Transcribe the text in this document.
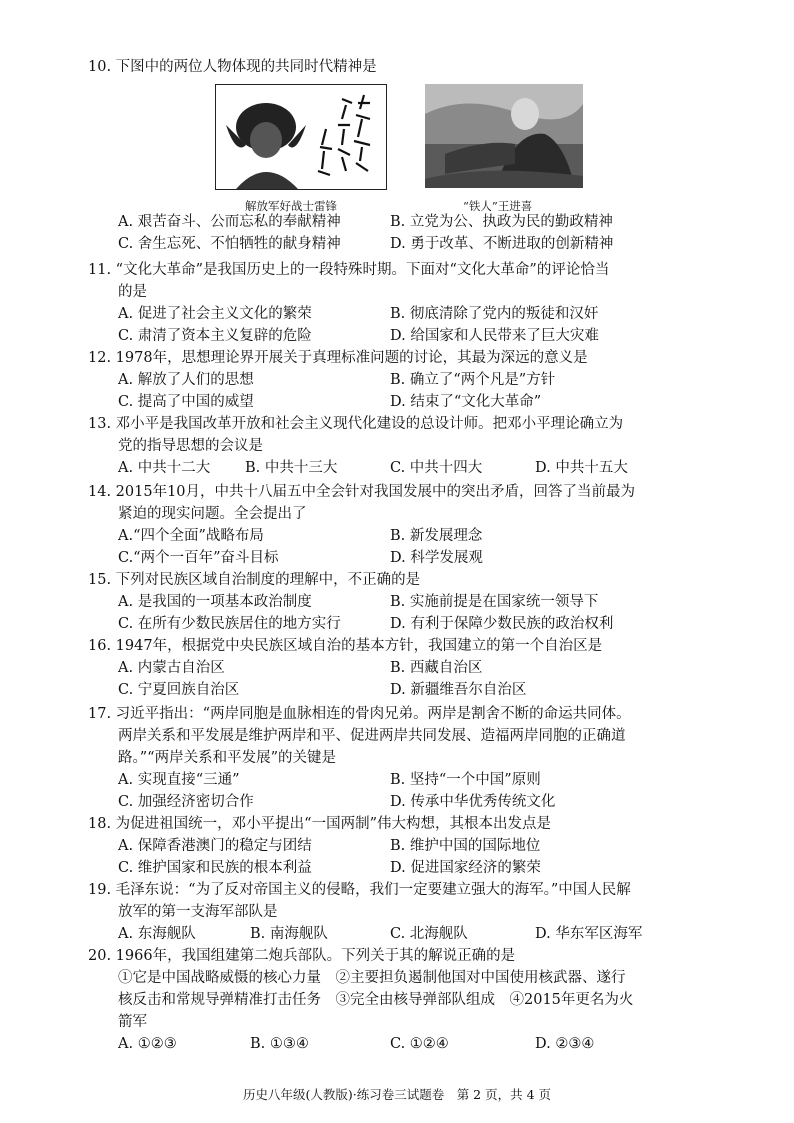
10. 下图中的两位人物体现的共同时代精神是
解放军好战士雷锋	“铁人”王进喜
A. 艰苦奋斗、公而忘私的奉献精神	B. 立党为公、执政为民的勤政精神
C. 舍生忘死、不怕牺牲的献身精神	D. 勇于改革、不断进取的创新精神
11. “文化大革命”是我国历史上的一段特殊时期。下面对“文化大革命”的评论恰当
的是
A. 促进了社会主义文化的繁荣	B. 彻底清除了党内的叛徒和汉奸
C. 肃清了资本主义复辟的危险	D. 给国家和人民带来了巨大灾难
12. 1978年，思想理论界开展关于真理标准问题的讨论，其最为深远的意义是
A. 解放了人们的思想	B. 确立了“两个凡是”方针
C. 提高了中国的威望	D. 结束了“文化大革命”
13. 邓小平是我国改革开放和社会主义现代化建设的总设计师。把邓小平理论确立为
党的指导思想的会议是
A. 中共十二大 B. 中共十三大	C. 中共十四大	D. 中共十五大
14. 2015年10月，中共十八届五中全会针对我国发展中的突出矛盾，回答了当前最为
紧迫的现实问题。全会提出了
A.“四个全面”战略布局	B. 新发展理念
C.“两个一百年”奋斗目标	D. 科学发展观
15. 下列对民族区域自治制度的理解中，不正确的是
A. 是我国的一项基本政治制度	B. 实施前提是在国家统一领导下
C. 在所有少数民族居住的地方实行	D. 有利于保障少数民族的政治权利
16. 1947年，根据党中央民族区域自治的基本方针，我国建立的第一个自治区是
A. 内蒙古自治区	B. 西藏自治区
C. 宁夏回族自治区	D. 新疆维吾尔自治区
17. 习近平指出：“两岸同胞是血脉相连的骨肉兄弟。两岸是割舍不断的命运共同体。
两岸关系和平发展是维护两岸和平、促进两岸共同发展、造福两岸同胞的正确道
路。”“两岸关系和平发展”的关键是
A. 实现直接“三通”	B. 坚持“一个中国”原则
C. 加强经济密切合作	D. 传承中华优秀传统文化
18. 为促进祖国统一，邓小平提出“一国两制”伟大构想，其根本出发点是
A. 保障香港澳门的稳定与团结	B. 维护中国的国际地位
C. 维护国家和民族的根本利益	D. 促进国家经济的繁荣
19. 毛泽东说：“为了反对帝国主义的侵略，我们一定要建立强大的海军。”中国人民解
放军的第一支海军部队是
A. 东海舰队	B. 南海舰队	C. 北海舰队	D. 华东军区海军
20. 1966年，我国组建第二炮兵部队。下列关于其的解说正确的是
①它是中国战略威慑的核心力量　②主要担负遏制他国对中国使用核武器、遂行
核反击和常规导弹精准打击任务　③完全由核导弹部队组成　④2015年更名为火
箭军
A. ①②③	B. ①③④	C. ①②④	D. ②③④
历史八年级(人教版)·练习卷三试题卷　第 2 页，共 4 页
